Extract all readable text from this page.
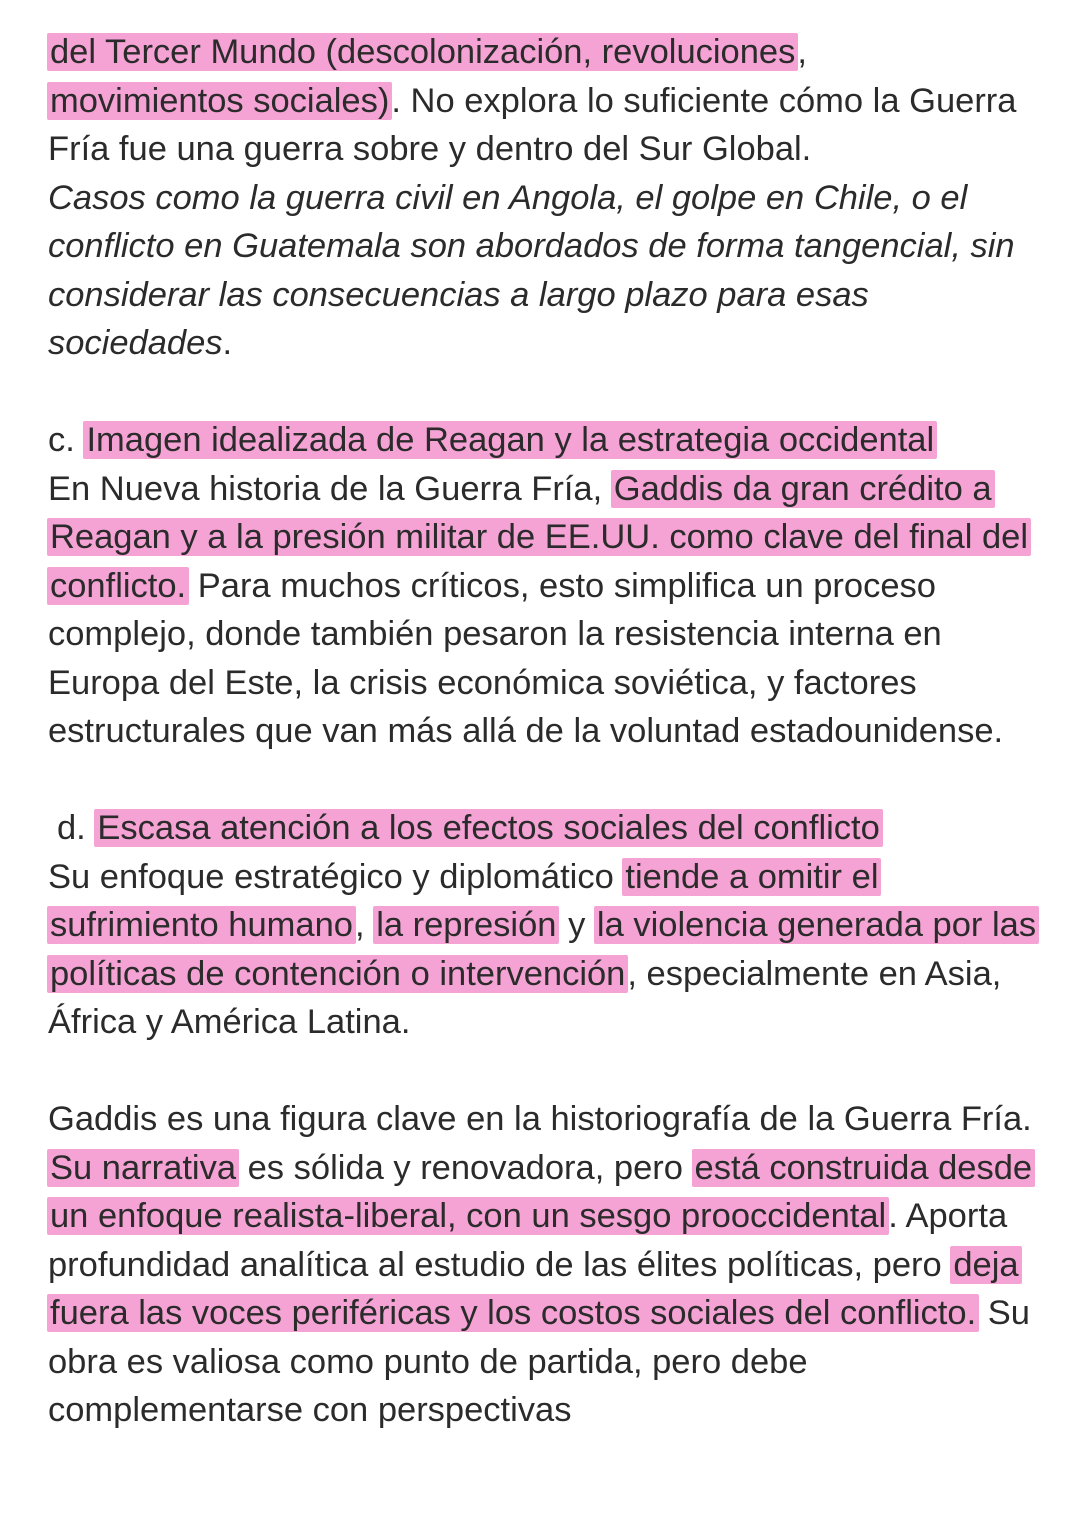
del Tercer Mundo (descolonización, revoluciones,
movimientos sociales). No explora lo suficiente cómo la Guerra Fría fue una guerra sobre y dentro del Sur Global.
Casos como la guerra civil en Angola, el golpe en Chile, o el conflicto en Guatemala son abordados de forma tangencial, sin considerar las consecuencias a largo plazo para esas sociedades.

c. Imagen idealizada de Reagan y la estrategia occidental
En Nueva historia de la Guerra Fría, Gaddis da gran crédito a Reagan y a la presión militar de EE.UU. como clave del final del conflicto. Para muchos críticos, esto simplifica un proceso complejo, donde también pesaron la resistencia interna en Europa del Este, la crisis económica soviética, y factores estructurales que van más allá de la voluntad estadounidense.

d. Escasa atención a los efectos sociales del conflicto
Su enfoque estratégico y diplomático tiende a omitir el sufrimiento humano, la represión y la violencia generada por las políticas de contención o intervención, especialmente en Asia, África y América Latina.

Gaddis es una figura clave en la historiografía de la Guerra Fría. Su narrativa es sólida y renovadora, pero está construida desde un enfoque realista-liberal, con un sesgo prooccidental. Aporta profundidad analítica al estudio de las élites políticas, pero deja fuera las voces periféricas y los costos sociales del conflicto. Su obra es valiosa como punto de partida, pero debe complementarse con perspectivas
